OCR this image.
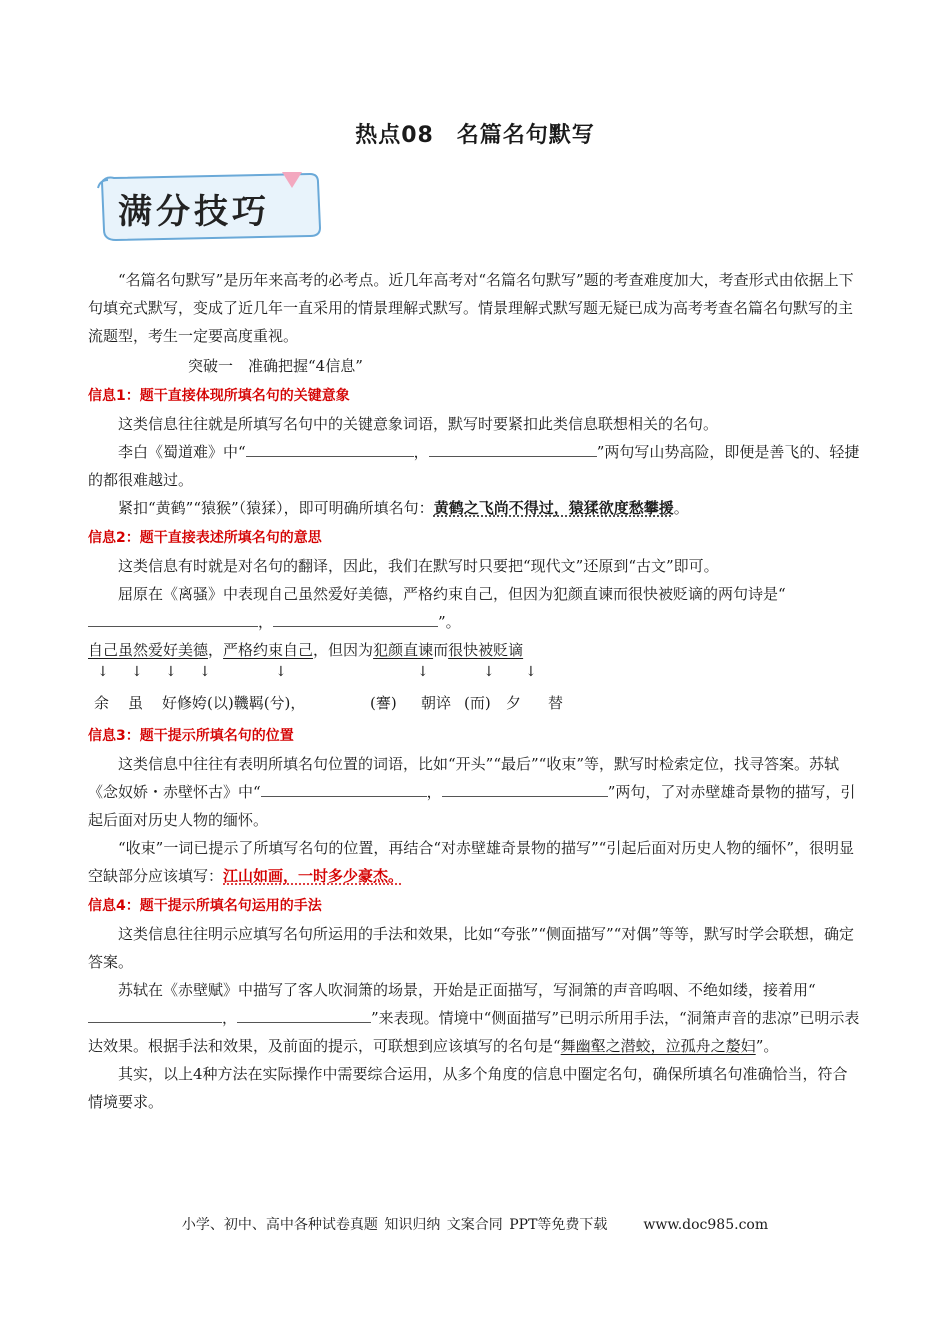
热点08　名篇名句默写
满分技巧

“名篇名句默写”是历年来高考的必考点。近几年高考对“名篇名句默写”题的考查难度加大，考查形式由依据上下句填充式默写，变成了近几年一直采用的情景理解式默写。情景理解式默写题无疑已成为高考考查名篇名句默写的主流题型，考生一定要高度重视。

突破一　准确把握“4信息”
信息1：题干直接体现所填名句的关键意象

这类信息往往就是所填写名句中的关键意象词语，默写时要紧扣此类信息联想相关的名句。

李白《蜀道难》中“	，	”两句写山势高险，即便是善飞的、轻捷的都很难越过。

紧扣“黄鹤”“猿猴”（猿猱），即可明确所填名句：黄鹤之飞尚不得过，猿猱欲度愁攀援。

信息2：题干直接表述所填名句的意思

这类信息有时就是对名句的翻译，因此，我们在默写时只要把“现代文”还原到“古文”即可。

屈原在《离骚》中表现自己虽然爱好美德，严格约束自己，但因为犯颜直谏而很快被贬谪的两句诗是“，	”。

自己虽然爱好美德，严格约束自己，但因为犯颜直谏而很快被贬谪

↓ ↓ ↓ ↓	↓	↓	↓ ↓
余 虽 好修姱(以)鞿羁(兮)，	(謇) 朝谇 (而) 夕 替
信息3：题干提示所填名句的位置

这类信息中往往有表明所填名句位置的词语，比如“开头”“最后”“收束”等，默写时检索定位，找寻答案。苏轼《念奴娇・赤壁怀古》中“	，	”两句，了对赤壁雄奇景物的描写，引起后面对历史人物的缅怀。

“收束”一词已提示了所填写名句的位置，再结合“对赤壁雄奇景物的描写”“引起后面对历史人物的缅怀”，很明显空缺部分应该填写：江山如画，一时多少豪杰。

信息4：题干提示所填名句运用的手法

这类信息往往明示应填写名句所运用的手法和效果，比如“夸张”“侧面描写”“对偶”等等，默写时学会联想，确定答案。

苏轼在《赤壁赋》中描写了客人吹洞箫的场景，开始是正面描写，写洞箫的声音呜咽、不绝如缕，接着用“，	”来表现。情境中“侧面描写”已明示所用手法，“洞箫声音的悲凉”已明示表达效果。根据手法和效果，及前面的提示，可联想到应该填写的名句是“舞幽壑之潜蛟，泣孤舟之嫠妇”。

其实，以上4种方法在实际操作中需要综合运用，从多个角度的信息中圈定名句，确保所填名句准确恰当，符合情境要求。

小学、初中、高中各种试卷真题 知识归纳 文案合同 PPT等免费下载	www.doc985.com
